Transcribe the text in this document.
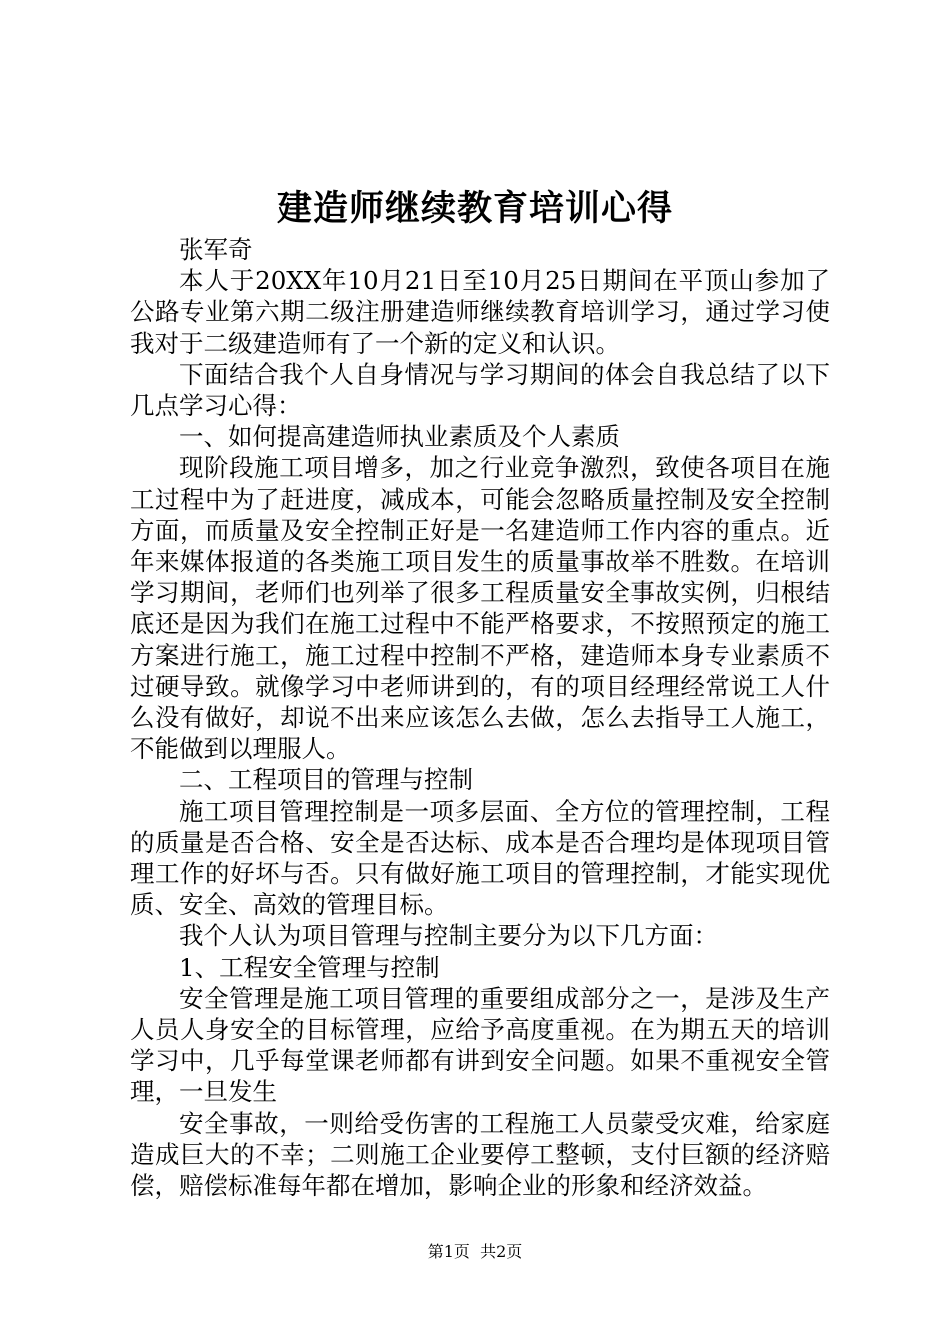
建造师继续教育培训心得

张军奇

本人于20XX年10月21日至10月25日期间在平顶山参加了公路专业第六期二级注册建造师继续教育培训学习，通过学习使我对于二级建造师有了一个新的定义和认识。

下面结合我个人自身情况与学习期间的体会自我总结了以下几点学习心得：

一、如何提高建造师执业素质及个人素质

现阶段施工项目增多，加之行业竞争激烈，致使各项目在施工过程中为了赶进度，减成本，可能会忽略质量控制及安全控制方面，而质量及安全控制正好是一名建造师工作内容的重点。近年来媒体报道的各类施工项目发生的质量事故举不胜数。在培训学习期间，老师们也列举了很多工程质量安全事故实例，归根结底还是因为我们在施工过程中不能严格要求，不按照预定的施工方案进行施工，施工过程中控制不严格，建造师本身专业素质不过硬导致。就像学习中老师讲到的，有的项目经理经常说工人什么没有做好，却说不出来应该怎么去做，怎么去指导工人施工，不能做到以理服人。

二、工程项目的管理与控制

施工项目管理控制是一项多层面、全方位的管理控制，工程的质量是否合格、安全是否达标、成本是否合理均是体现项目管理工作的好坏与否。只有做好施工项目的管理控制，才能实现优质、安全、高效的管理目标。

我个人认为项目管理与控制主要分为以下几方面：

1、工程安全管理与控制

安全管理是施工项目管理的重要组成部分之一，是涉及生产人员人身安全的目标管理，应给予高度重视。在为期五天的培训学习中，几乎每堂课老师都有讲到安全问题。如果不重视安全管理，一旦发生

安全事故，一则给受伤害的工程施工人员蒙受灾难，给家庭造成巨大的不幸；二则施工企业要停工整顿，支付巨额的经济赔偿，赔偿标准每年都在增加，影响企业的形象和经济效益。

第1页 共2页
